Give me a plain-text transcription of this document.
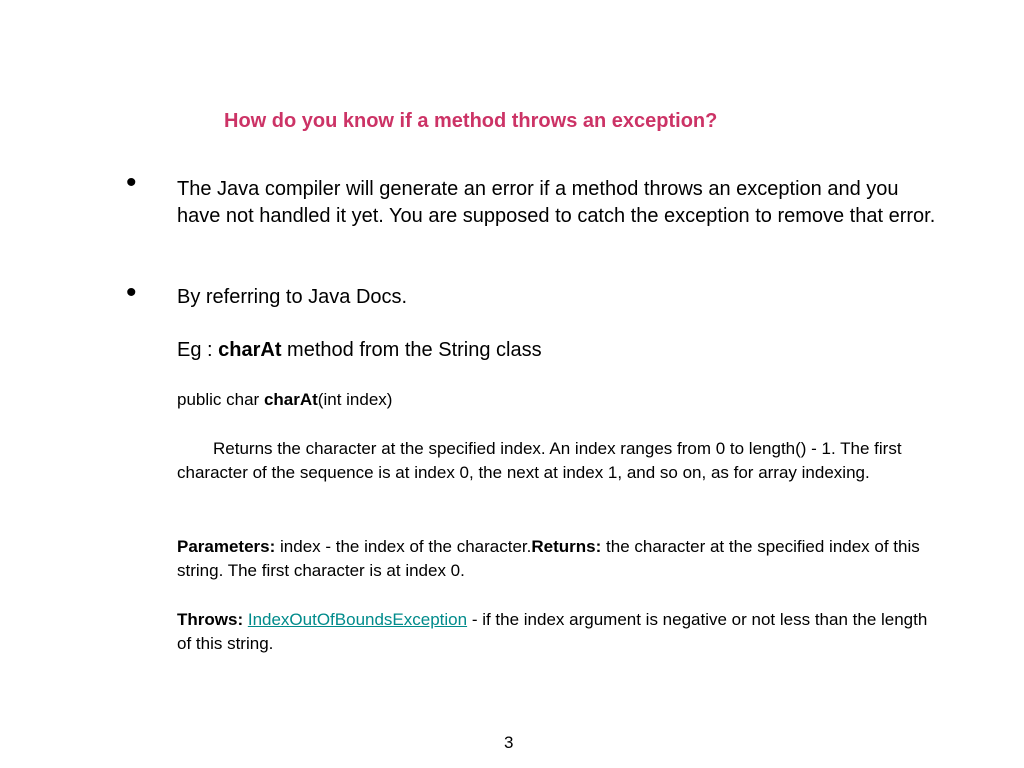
How do you know if a method throws an exception?
• The Java compiler will generate an error if a method throws an exception and you have not handled it yet. You are supposed to catch the exception to remove that error.
• By referring to Java Docs.
Eg : charAt method from the String class
public char charAt(int index)
Returns the character at the specified index. An index ranges from 0 to length() - 1. The first character of the sequence is at index 0, the next at index 1, and so on, as for array indexing.
Parameters: index - the index of the character.Returns: the character at the specified index of this string. The first character is at index 0.
Throws: IndexOutOfBoundsException - if the index argument is negative or not less than the length of this string.
3
